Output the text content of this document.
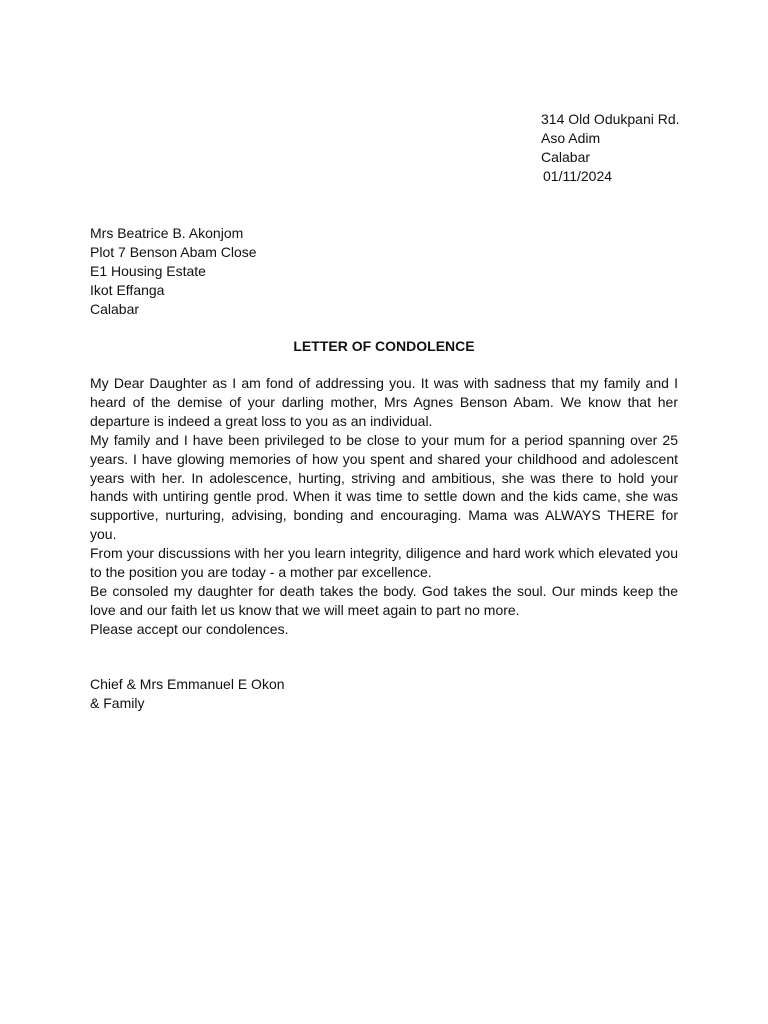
314 Old Odukpani Rd.
Aso Adim
Calabar
01/11/2024
Mrs Beatrice B. Akonjom
Plot 7 Benson Abam Close
E1 Housing Estate
Ikot Effanga
Calabar
LETTER OF CONDOLENCE

My Dear Daughter as I am fond of addressing you. It was with sadness that my family and I heard of the demise of your darling mother, Mrs Agnes Benson Abam. We know that her departure is indeed a great loss to you as an individual.

My family and I have been privileged to be close to your mum for a period spanning over 25 years. I have glowing memories of how you spent and shared your childhood and adolescent years with her. In adolescence, hurting, striving and ambitious, she was there to hold your hands with untiring gentle prod. When it was time to settle down and the kids came, she was supportive, nurturing, advising, bonding and encouraging. Mama was ALWAYS THERE for you.

From your discussions with her you learn integrity, diligence and hard work which elevated you to the position you are today - a mother par excellence.

Be consoled my daughter for death takes the body. God takes the soul. Our minds keep the love and our faith let us know that we will meet again to part no more.

Please accept our condolences.

Chief & Mrs Emmanuel E Okon
& Family
